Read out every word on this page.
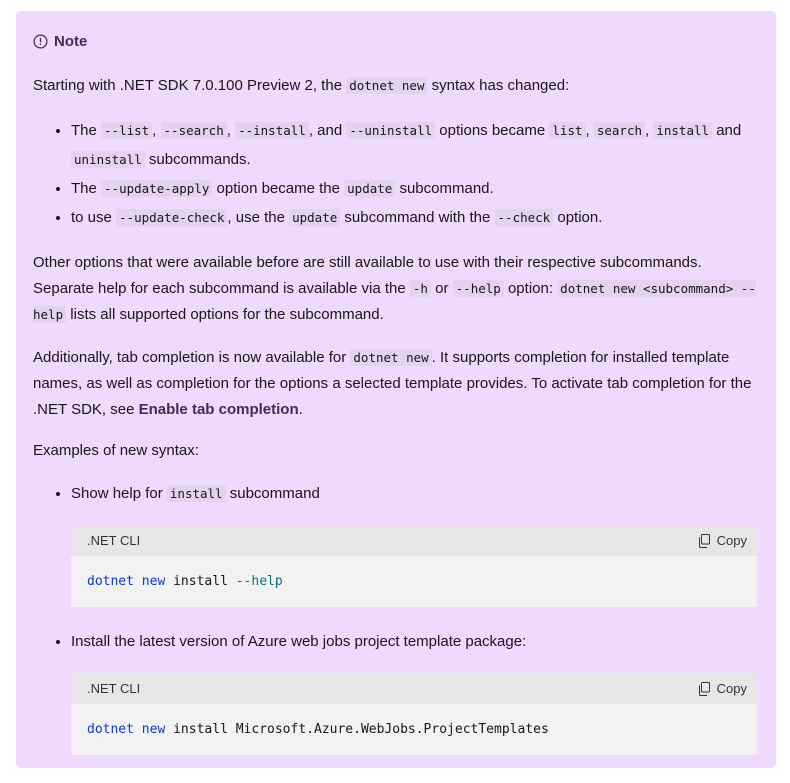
Note

Starting with .NET SDK 7.0.100 Preview 2, the dotnet new syntax has changed:

• The --list , --search , --install , and --uninstall options became list , search , install and uninstall subcommands.
• The --update-apply option became the update subcommand.
• to use --update-check , use the update subcommand with the --check option.

Other options that were available before are still available to use with their respective subcommands. Separate help for each subcommand is available via the -h or --help option: dotnet new <subcommand> --help lists all supported options for the subcommand.

Additionally, tab completion is now available for dotnet new . It supports completion for installed template names, as well as completion for the options a selected template provides. To activate tab completion for the .NET SDK, see Enable tab completion.

Examples of new syntax:

• Show help for install subcommand
.NET CLI	Copy
dotnet
new install --help
• Install the latest version of Azure web jobs project template package:
.NET CLI	Copy
dotnet
new install Microsoft.Azure.WebJobs.ProjectTemplates
